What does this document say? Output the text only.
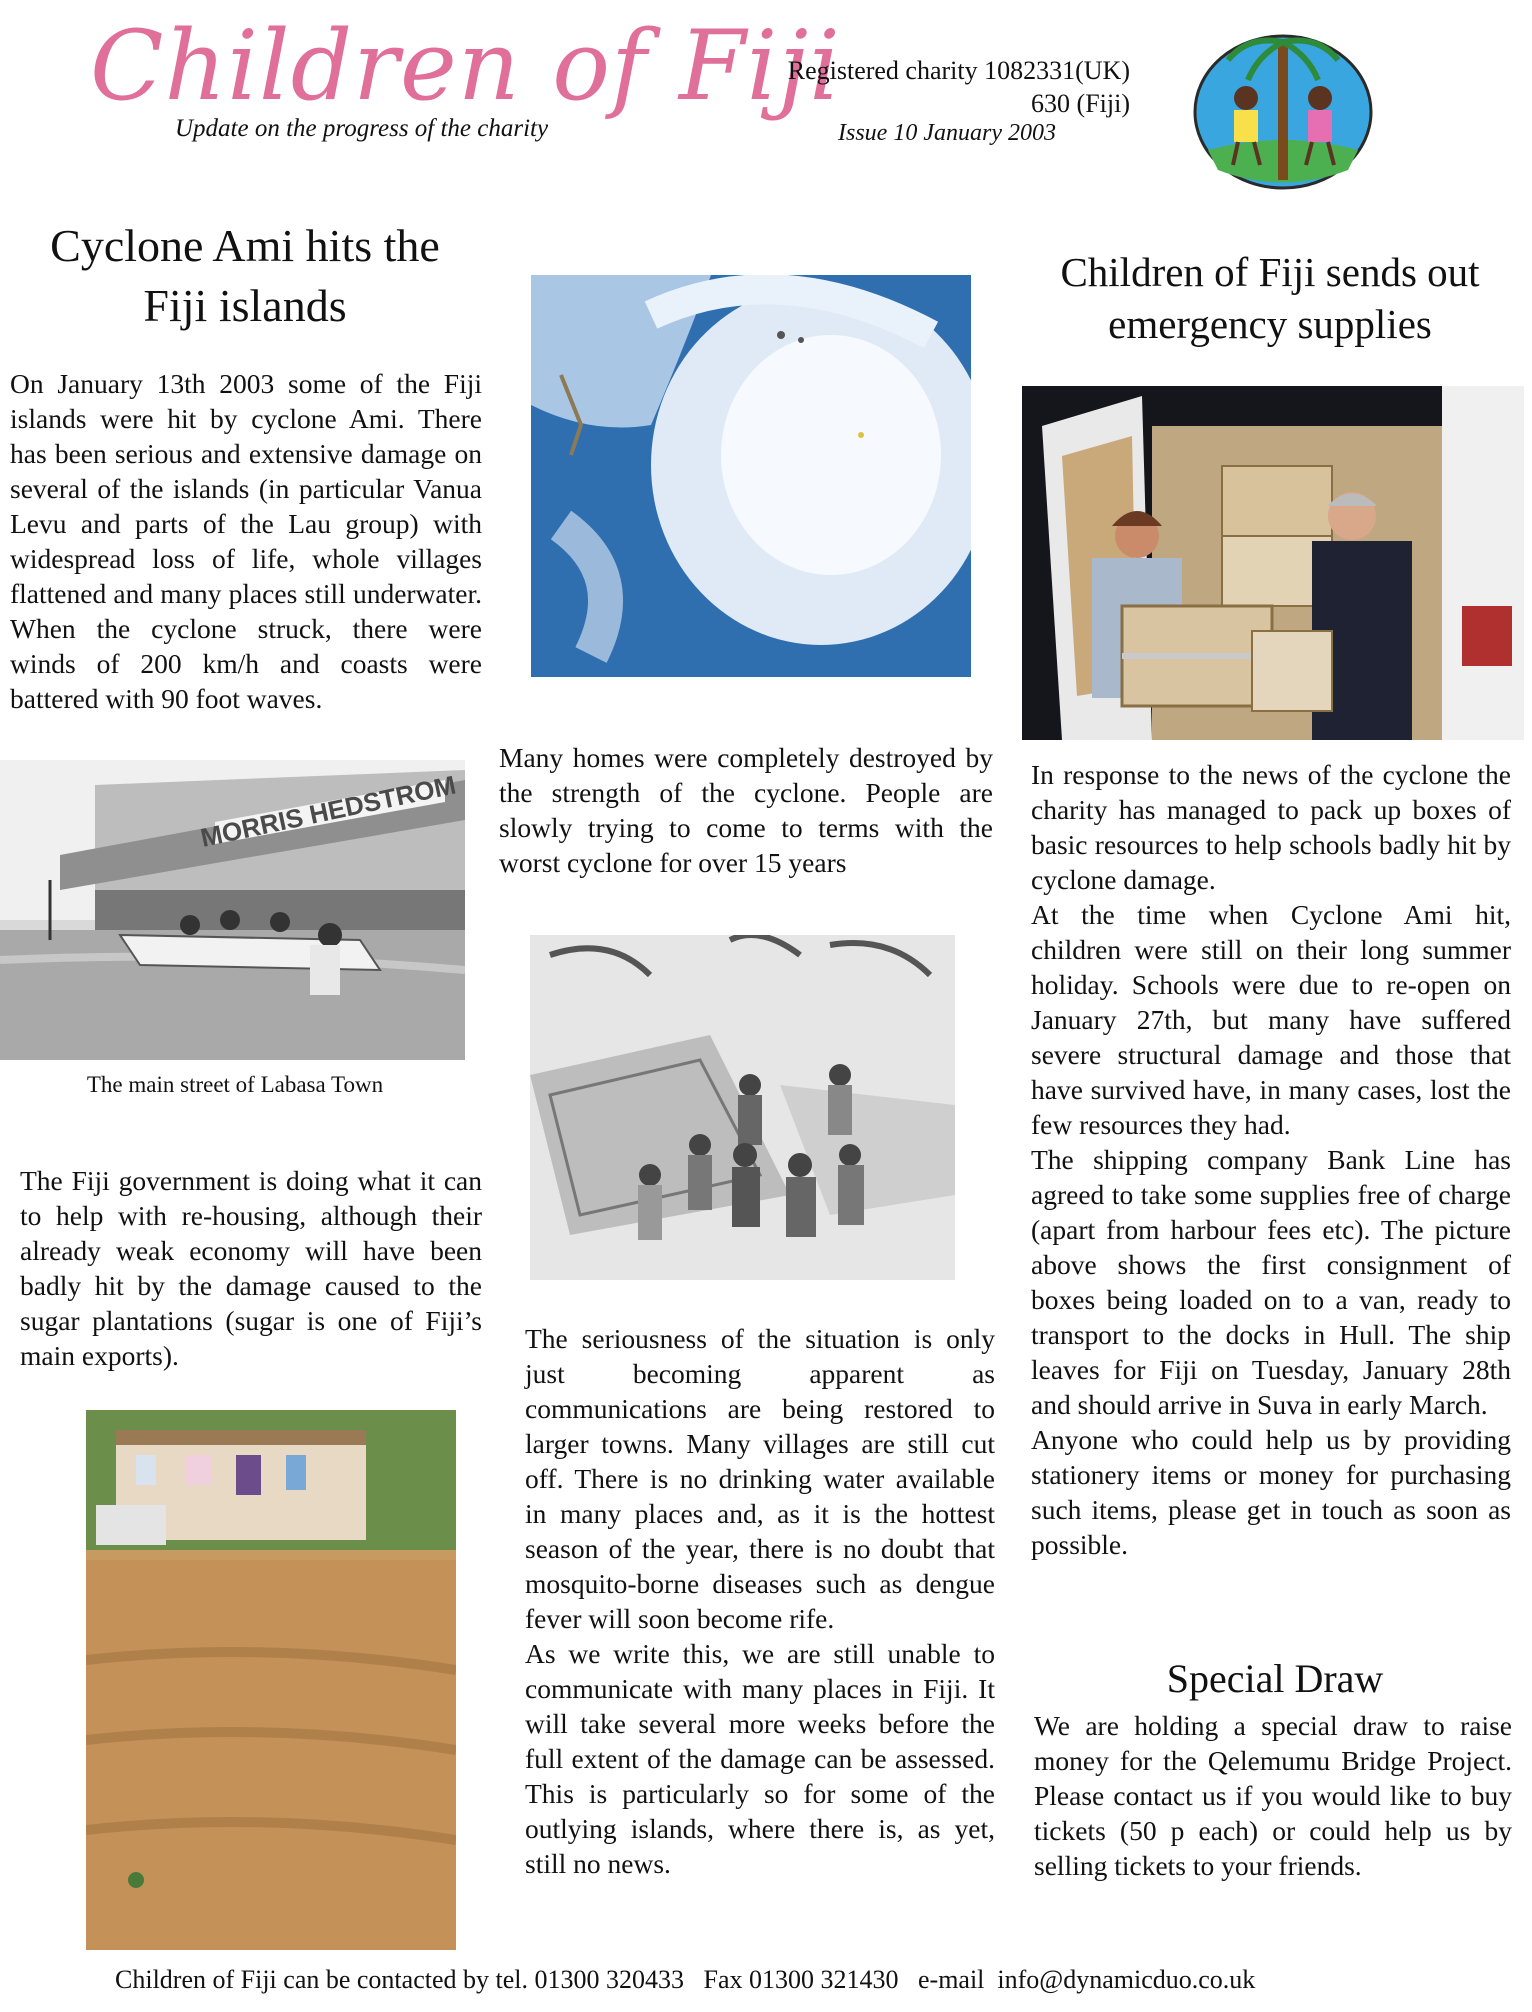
Children of Fiji
Update on the progress of the charity
Registered charity 1082331(UK)
630 (Fiji)
Issue 10 January 2003
Cyclone Ami hits the
Fiji islands

On January 13th 2003 some of the Fiji islands were hit by cyclone Ami. There has been serious and extensive damage on several of the islands (in particular Vanua Levu and parts of the Lau group) with widespread loss of life, whole villages flattened and many places still underwater. When the cyclone struck, there were winds of 200 km/h and coasts were battered with 90 foot waves.

MORRIS HEDSTROM
The main street of Labasa Town

The Fiji government is doing what it can to help with re-housing, although their already weak economy will have been badly hit by the damage caused to the sugar plantations (sugar is one of Fiji’s main exports).

Many homes were completely destroyed by the strength of the cyclone. People are slowly trying to come to terms with the worst cyclone for over 15 years

The seriousness of the situation is only just becoming apparent as communications are being restored to larger towns. Many villages are still cut off. There is no drinking water available in many places and, as it is the hottest season of the year, there is no doubt that mosquito-borne diseases such as dengue fever will soon become rife.

As we write this, we are still unable to communicate with many places in Fiji. It will take several more weeks before the full extent of the damage can be assessed. This is particularly so for some of the outlying islands, where there is, as yet, still no news.

Children of Fiji sends out
emergency supplies

In response to the news of the cyclone the charity has managed to pack up boxes of basic resources to help schools badly hit by cyclone damage.

At the time when Cyclone Ami hit, children were still on their long summer holiday. Schools were due to re-open on January 27th, but many have suffered severe structural damage and those that have survived have, in many cases, lost the few resources they had.

The shipping company Bank Line has agreed to take some supplies free of charge (apart from harbour fees etc). The picture above shows the first consignment of boxes being loaded on to a van, ready to transport to the docks in Hull. The ship leaves for Fiji on Tuesday, January 28th and should arrive in Suva in early March.

Anyone who could help us by providing stationery items or money for purchasing such items, please get in touch as soon as possible.

Special Draw

We are holding a special draw to raise money for the Qelemumu Bridge Project. Please contact us if you would like to buy tickets (50 p each) or could help us by selling tickets to your friends.

Children of Fiji can be contacted by tel. 01300 320433   Fax 01300 321430   e-mail  info@dynamicduo.co.uk
